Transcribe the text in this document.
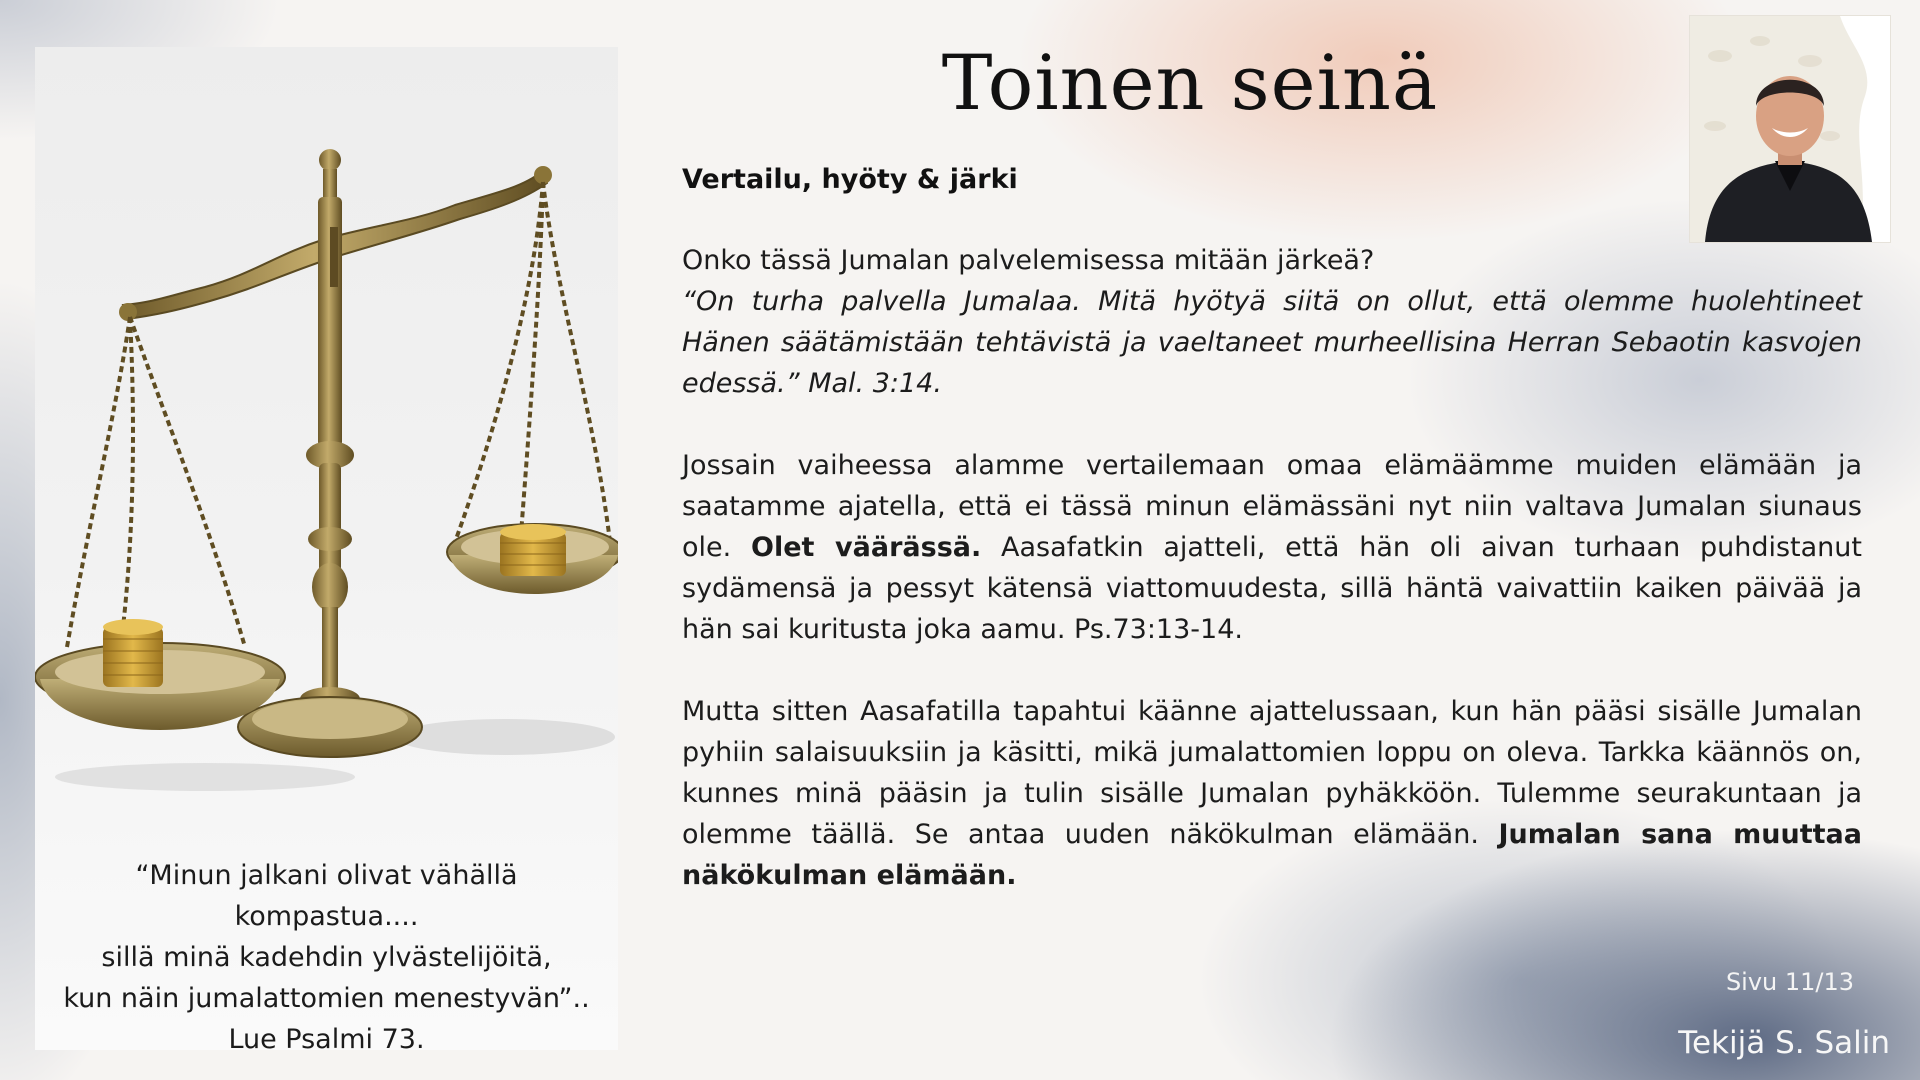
“Minun jalkani olivat vähällä
kompastua....
sillä minä kadehdin ylvästelijöitä,
kun näin jumalattomien menestyvän”..
Lue Psalmi 73.

Toinen seinä

Vertailu, hyöty & järki

Onko tässä Jumalan palvelemisessa mitään järkeä?
“On turha palvella Jumalaa. Mitä hyötyä siitä on ollut, että olemme huolehtineet Hänen säätämistään tehtävistä ja vaeltaneet murheellisina Herran Sebaotin kasvojen edessä.” Mal. 3:14.

Jossain vaiheessa alamme vertailemaan omaa elämäämme muiden elämään ja saatamme ajatella, että ei tässä minun elämässäni nyt niin valtava Jumalan siunaus ole. Olet väärässä. Aasafatkin ajatteli, että hän oli aivan turhaan puhdistanut sydämensä ja pessyt kätensä viattomuudesta, sillä häntä vaivattiin kaiken päivää ja hän sai kuritusta joka aamu. Ps.73:13-14.

Mutta sitten Aasafatilla tapahtui käänne ajattelussaan, kun hän pääsi sisälle Jumalan pyhiin salaisuuksiin ja käsitti, mikä jumalattomien loppu on oleva. Tarkka käännös on, kunnes minä pääsin ja tulin sisälle Jumalan pyhäkköön. Tulemme seurakuntaan ja olemme täällä. Se antaa uuden näkökulman elämään. Jumalan sana muuttaa näkökulman elämään.

Sivu 11/13

Tekijä S. Salin
